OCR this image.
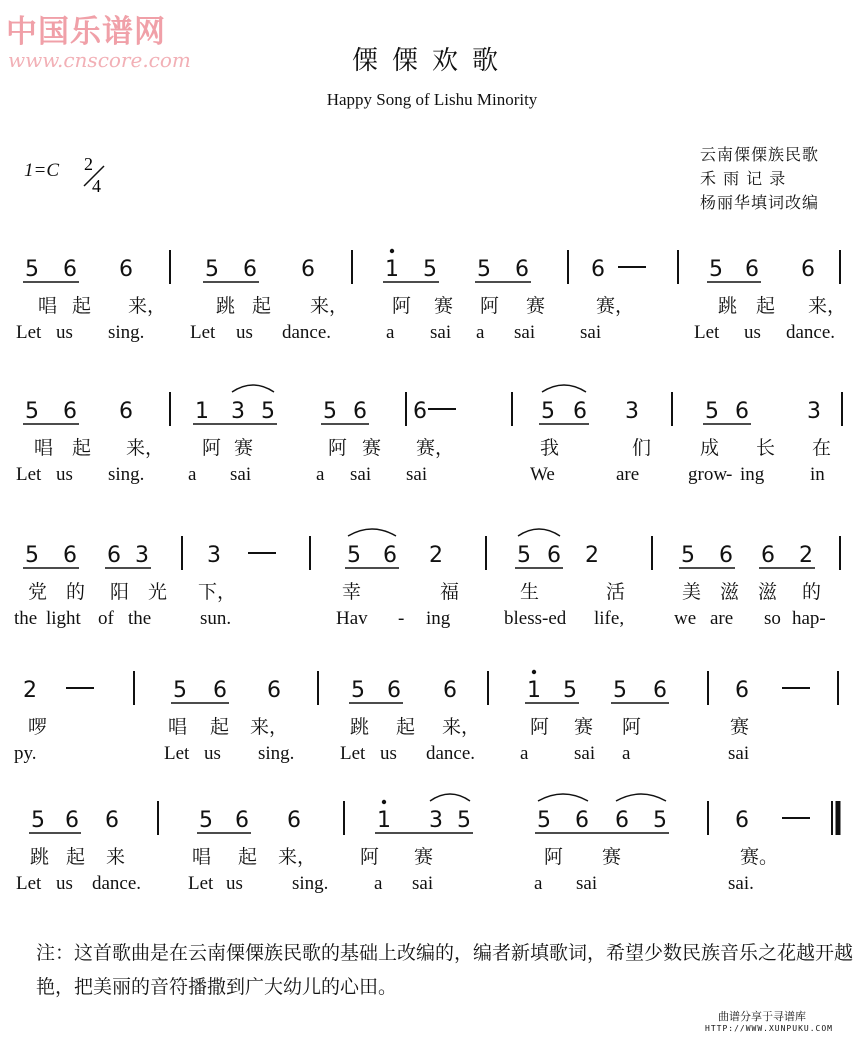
中国乐谱网
www.cnscore.com	傈傈欢歌
Happy Song of Lishu Minority
1=C 2
4
云南傈傈族民歌
禾 雨 记 录
杨丽华填词改编
5 6 6	5 6 6	1 5 5 6	6	5 6 6
唱 起 来，	跳 起 来， 阿 赛 阿 赛	赛，	跳 起 来，
Let us sing. Let us dance.	a sai a sai sai	Let us dance.
5 6 6	1 3 5 5 6 6	5 6 3	5 6	3
唱 起 来， 阿 赛	阿 赛 赛，	我	们	成 长 在
Let us sing. a sai	a sai sai	We	are	grow
- ing in
5 6 6 3	3	5 6 2	5 6 2	5 6 6 2
党 的 阳 光 下，	幸	福	生	活	美 滋 滋 的
the light of the	sun.	Hav - ing	bless-ed life,	we are so hap-
2	5 6 6	5 6 6	1 5 5 6	6
啰	唱 起 来，	跳 起 来，	阿 赛 阿	赛
py.	Let us sing. Let us dance. a sai a	sai
5 6 6	5 6 6	1 3 5	5 6 6 5	6
跳 起 来	唱 起 来， 阿 赛	阿 赛	赛。
Let us dance. Let us	sing. a sai	a sai	sai.
注：这首歌曲是在云南傈傈族民歌的基础上改编的，编者新填歌词，希望少数民族音乐之花越开越艳，把美丽的音符播撒到广大幼儿的心田。
曲谱分享于寻谱库
HTTP://WWW.XUNPUKU.COM
